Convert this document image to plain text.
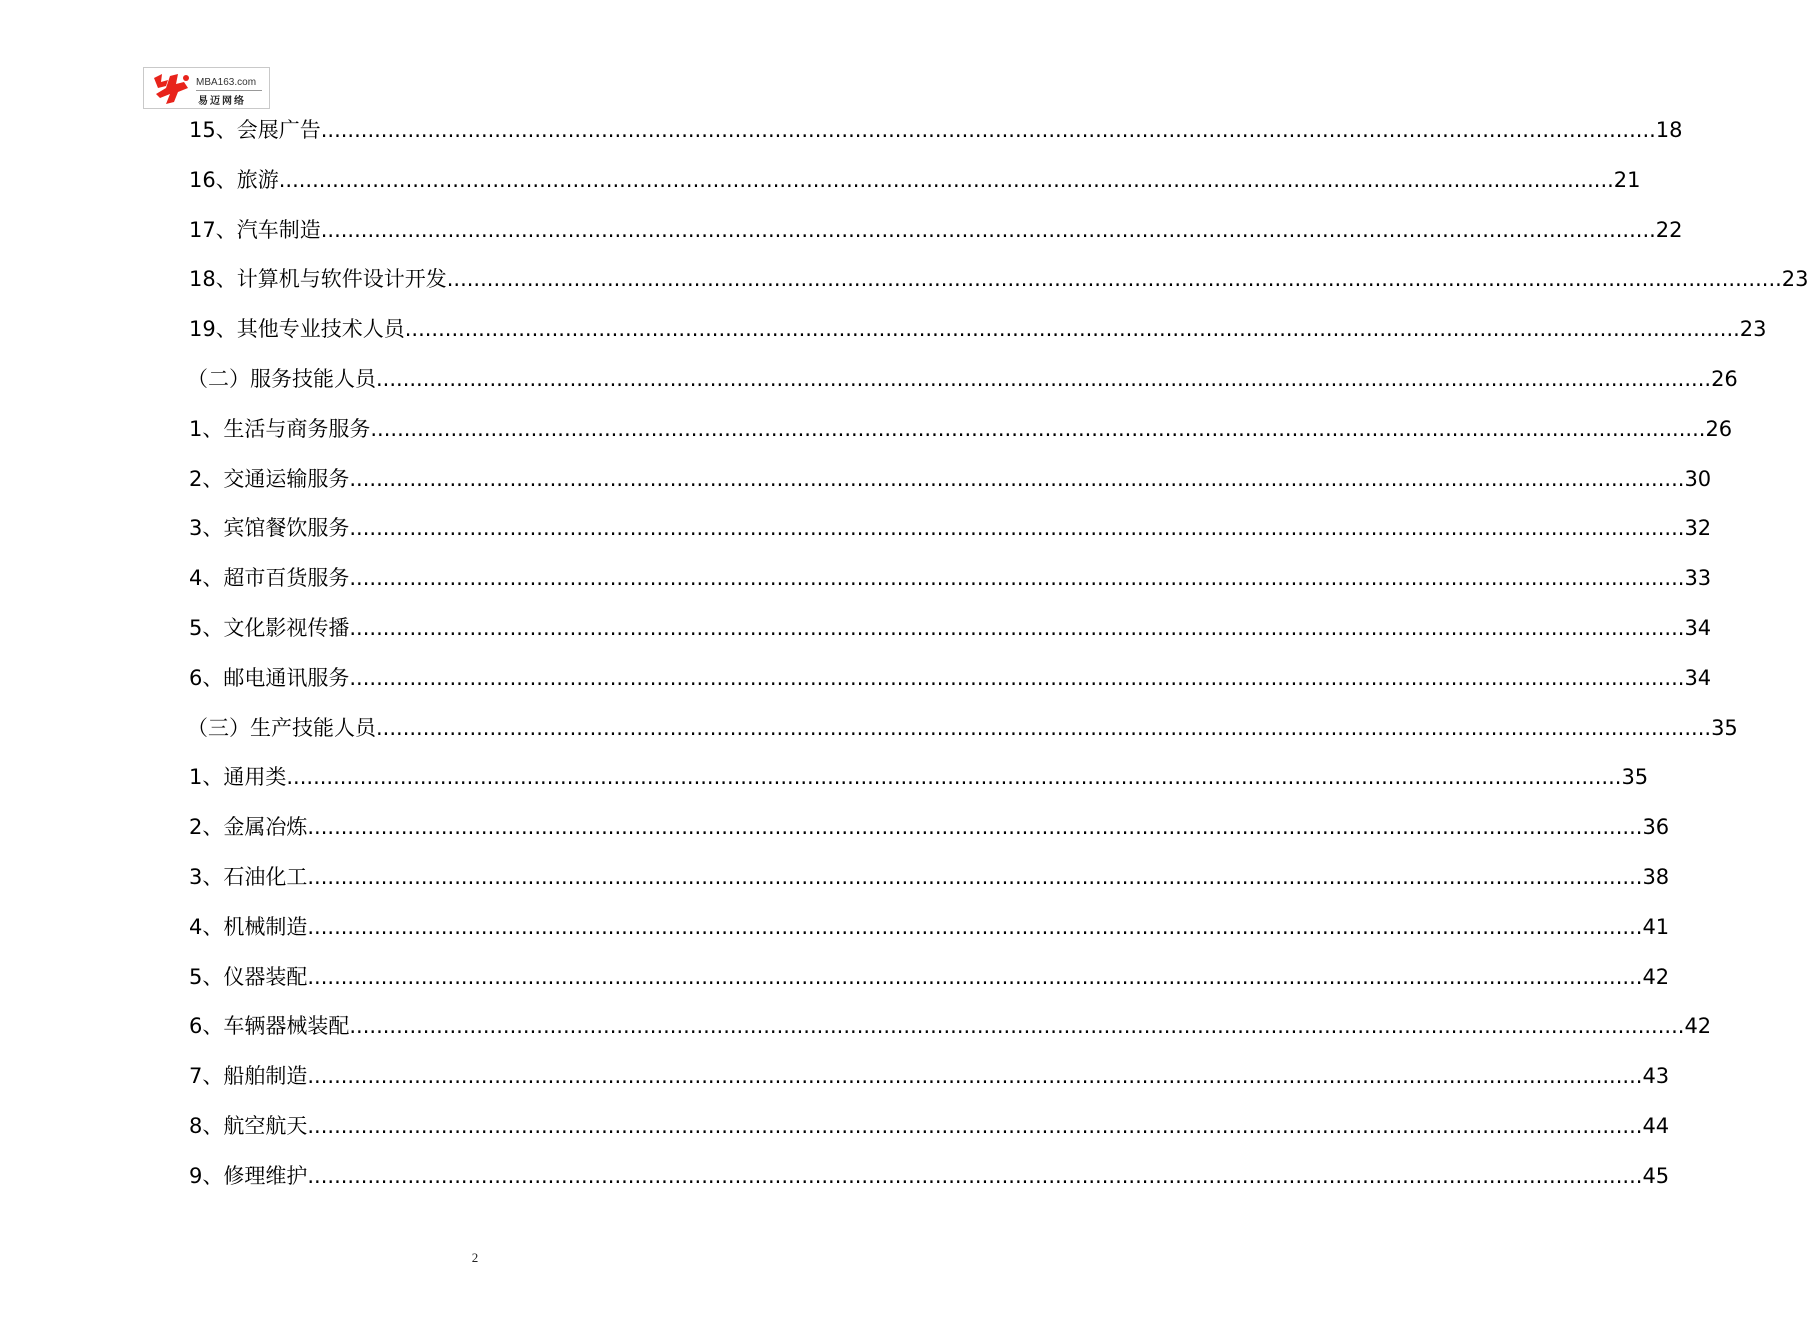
MBA163.com
易迈网络
15、 会展广告 ........................................................................................................................................................................................................ 18
16、 旅游 ........................................................................................................................................................................................................ 21
17、 汽车制造 ........................................................................................................................................................................................................ 22
18、 计算机与软件设计开发 ........................................................................................................................................................................................................ 23
19、 其他专业技术人员 ........................................................................................................................................................................................................ 23
（二） 服务技能人员 ........................................................................................................................................................................................................ 26
1、 生活与商务服务 ........................................................................................................................................................................................................ 26
2、 交通运输服务 ........................................................................................................................................................................................................ 30
3、 宾馆餐饮服务 ........................................................................................................................................................................................................ 32
4、 超市百货服务 ........................................................................................................................................................................................................ 33
5、 文化影视传播 ........................................................................................................................................................................................................ 34
6、 邮电通讯服务 ........................................................................................................................................................................................................ 34
（三） 生产技能人员 ........................................................................................................................................................................................................ 35
1、 通用类 ........................................................................................................................................................................................................ 35
2、 金属冶炼 ........................................................................................................................................................................................................ 36
3、 石油化工 ........................................................................................................................................................................................................ 38
4、 机械制造 ........................................................................................................................................................................................................ 41
5、 仪器装配 ........................................................................................................................................................................................................ 42
6、 车辆器械装配 ........................................................................................................................................................................................................ 42
7、 船舶制造 ........................................................................................................................................................................................................ 43
8、 航空航天 ........................................................................................................................................................................................................ 44
9、 修理维护 ........................................................................................................................................................................................................ 45
2
